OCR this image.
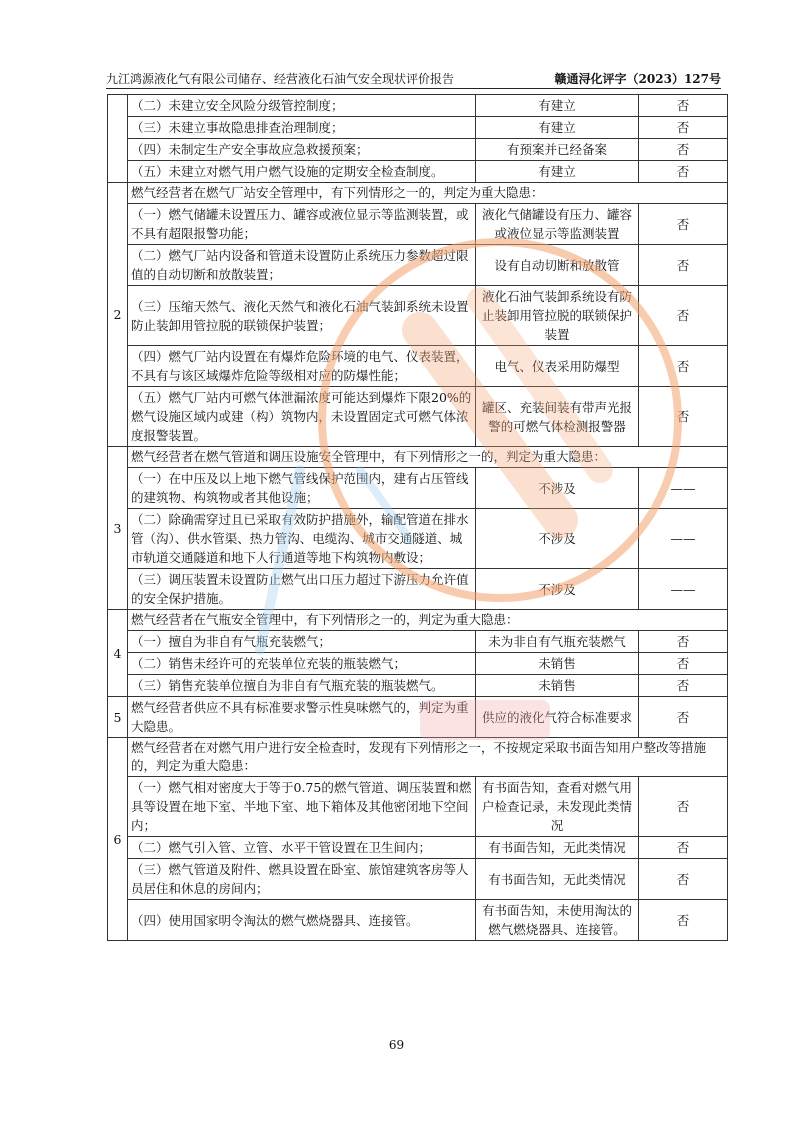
九江鸿源液化气有限公司储存、经营液化石油气安全现状评价报告	赣通浔化评字（2023）127号
	（二）未建立安全风险分级管控制度；	有建立	否
	（三）未建立事故隐患排查治理制度；	有建立	否
	（四）未制定生产安全事故应急救援预案；	有预案并已经备案	否
	（五）未建立对燃气用户燃气设施的定期安全检查制度。	有建立	否
2	燃气经营者在燃气厂站安全管理中，有下列情形之一的，判定为重大隐患：		
	（一）燃气储罐未设置压力、罐容或液位显示等监测装置，或不具有超限报警功能；	液化气储罐设有压力、罐容或液位显示等监测装置	否
	（二）燃气厂站内设备和管道未设置防止系统压力参数超过限值的自动切断和放散装置；	设有自动切断和放散管	否
	（三）压缩天然气、液化天然气和液化石油气装卸系统未设置防止装卸用管拉脱的联锁保护装置；	液化石油气装卸系统设有防止装卸用管拉脱的联锁保护装置	否
	（四）燃气厂站内设置在有爆炸危险环境的电气、仪表装置，不具有与该区域爆炸危险等级相对应的防爆性能；	电气、仪表采用防爆型	否
	（五）燃气厂站内可燃气体泄漏浓度可能达到爆炸下限20%的燃气设施区域内或建（构）筑物内，未设置固定式可燃气体浓度报警装置。	罐区、充装间装有带声光报警的可燃气体检测报警器	否
3	燃气经营者在燃气管道和调压设施安全管理中，有下列情形之一的，判定为重大隐患：		
	（一）在中压及以上地下燃气管线保护范围内，建有占压管线的建筑物、构筑物或者其他设施；	不涉及	——
	（二）除确需穿过且已采取有效防护措施外，输配管道在排水管（沟）、供水管渠、热力管沟、电缆沟、城市交通隧道、城市轨道交通隧道和地下人行通道等地下构筑物内敷设；	不涉及	——
	（三）调压装置未设置防止燃气出口压力超过下游压力允许值的安全保护措施。	不涉及	——
4	燃气经营者在气瓶安全管理中，有下列情形之一的，判定为重大隐患：		
	（一）擅自为非自有气瓶充装燃气；	未为非自有气瓶充装燃气	否
	（二）销售未经许可的充装单位充装的瓶装燃气；	未销售	否
	（三）销售充装单位擅自为非自有气瓶充装的瓶装燃气。	未销售	否
5	燃气经营者供应不具有标准要求警示性臭味燃气的，判定为重大隐患。	供应的液化气符合标准要求	否
6	燃气经营者在对燃气用户进行安全检查时，发现有下列情形之一，不按规定采取书面告知用户整改等措施的，判定为重大隐患：		
	（一）燃气相对密度大于等于0.75的燃气管道、调压装置和燃具等设置在地下室、半地下室、地下箱体及其他密闭地下空间内；	有书面告知，查看对燃气用户检查记录，未发现此类情况	否
	（二）燃气引入管、立管、水平干管设置在卫生间内；	有书面告知，无此类情况	否
	（三）燃气管道及附件、燃具设置在卧室、旅馆建筑客房等人员居住和休息的房间内；	有书面告知，无此类情况	否
	（四）使用国家明令淘汰的燃气燃烧器具、连接管。	有书面告知，未使用淘汰的燃气燃烧器具、连接管。	否
69
